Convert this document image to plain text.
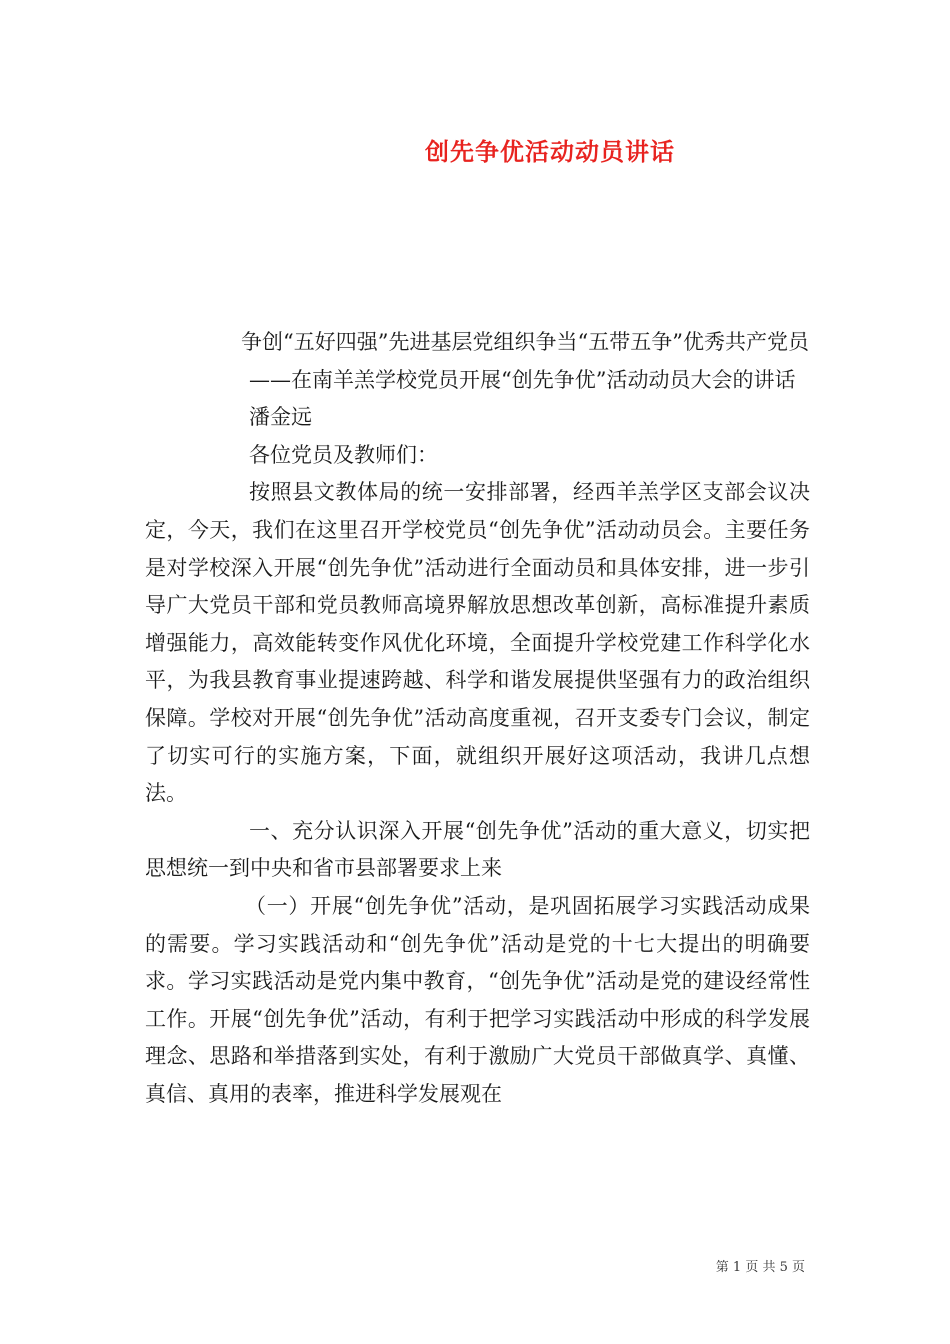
创先争优活动动员讲话

争创“五好四强”先进基层党组织争当“五带五争”优秀共产党员

——在南羊羔学校党员开展“创先争优”活动动员大会的讲话

潘金远

各位党员及教师们：

按照县文教体局的统一安排部署，经西羊羔学区支部会议决定，今天，我们在这里召开学校党员“创先争优”活动动员会。主要任务是对学校深入开展“创先争优”活动进行全面动员和具体安排，进一步引导广大党员干部和党员教师高境界解放思想改革创新，高标准提升素质增强能力，高效能转变作风优化环境，全面提升学校党建工作科学化水平，为我县教育事业提速跨越、科学和谐发展提供坚强有力的政治组织保障。学校对开展“创先争优”活动高度重视，召开支委专门会议，制定了切实可行的实施方案，下面，就组织开展好这项活动，我讲几点想法。

一、充分认识深入开展“创先争优”活动的重大意义，切实把思想统一到中央和省市县部署要求上来

（一）开展“创先争优”活动，是巩固拓展学习实践活动成果的需要。学习实践活动和“创先争优”活动是党的十七大提出的明确要求。学习实践活动是党内集中教育，“创先争优”活动是党的建设经常性工作。开展“创先争优”活动，有利于把学习实践活动中形成的科学发展理念、思路和举措落到实处，有利于激励广大党员干部做真学、真懂、真信、真用的表率，推进科学发展观在

第 1 页 共 5 页
